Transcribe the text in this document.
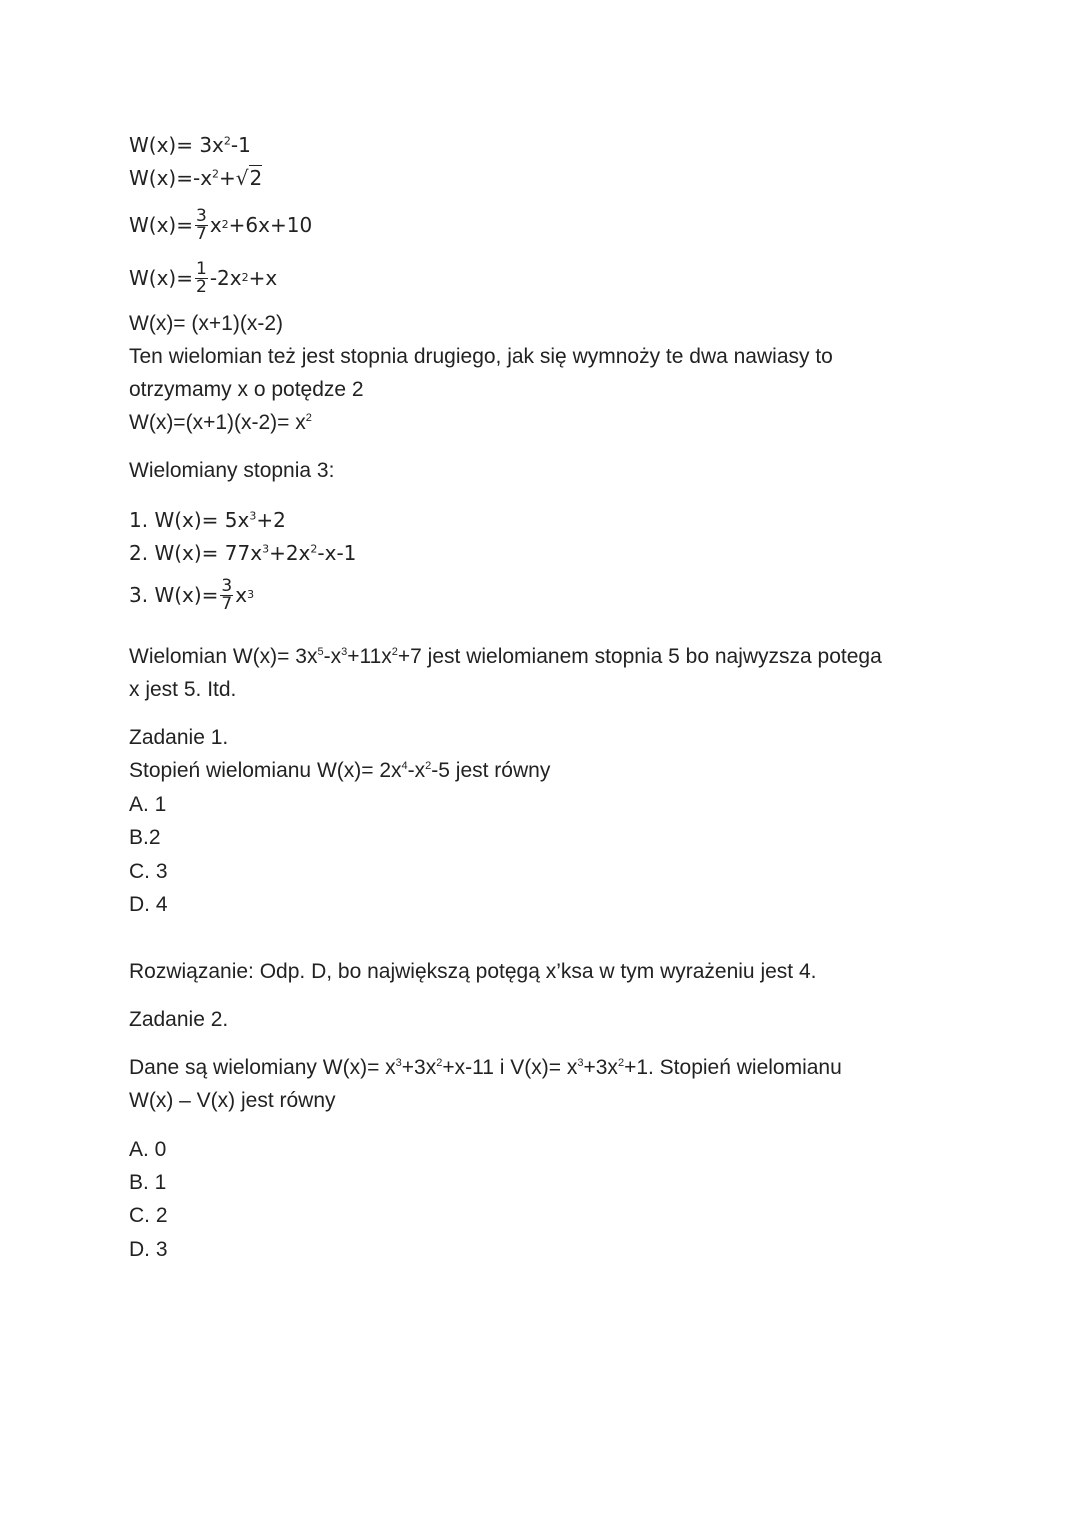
$W(x)= 3x^2-1$
$W(x)=-x^2+√2$
$W(x)= \frac{3}{7}$ x 2 +6x+10
$W(x)= \frac{1}{2} -2x$ 2 +x
W(x)= (x+1)(x-2)
Ten wielomian też jest stopnia drugiego, jak się wymnoży te dwa nawiasy to
otrzymamy x o potędze 2
$W(x)=(x+1)(x-2)= x^2$
Wielomiany stopnia 3:
1. $W(x)= 5x^3+2$
2. $W(x)= 77x^3+2x^2-x-1$
3. $W(x)= \frac{3}{7}$ x 3
Wielomian $W(x)= 3x^5-x^3+11x^2+7$ jest wielomianem stopnia 5 bo najwyzsza potega
x jest 5. Itd.
Zadanie 1.
Stopień wielomianu $W(x)= 2x^4-x^2-5$ jest równy
A. 1
B.2
C. 3
D. 4
Rozwiązanie: Odp. D, bo największą potęgą x’ksa w tym wyrażeniu jest 4.
Zadanie 2.
Dane są wielomiany $W(x)= x^3+3x^2+x-11$ i $V(x)= x^3+3x^2+1$. Stopień wielomianu
W(x) – V(x) jest równy
A. 0
B. 1
C. 2
D. 3
